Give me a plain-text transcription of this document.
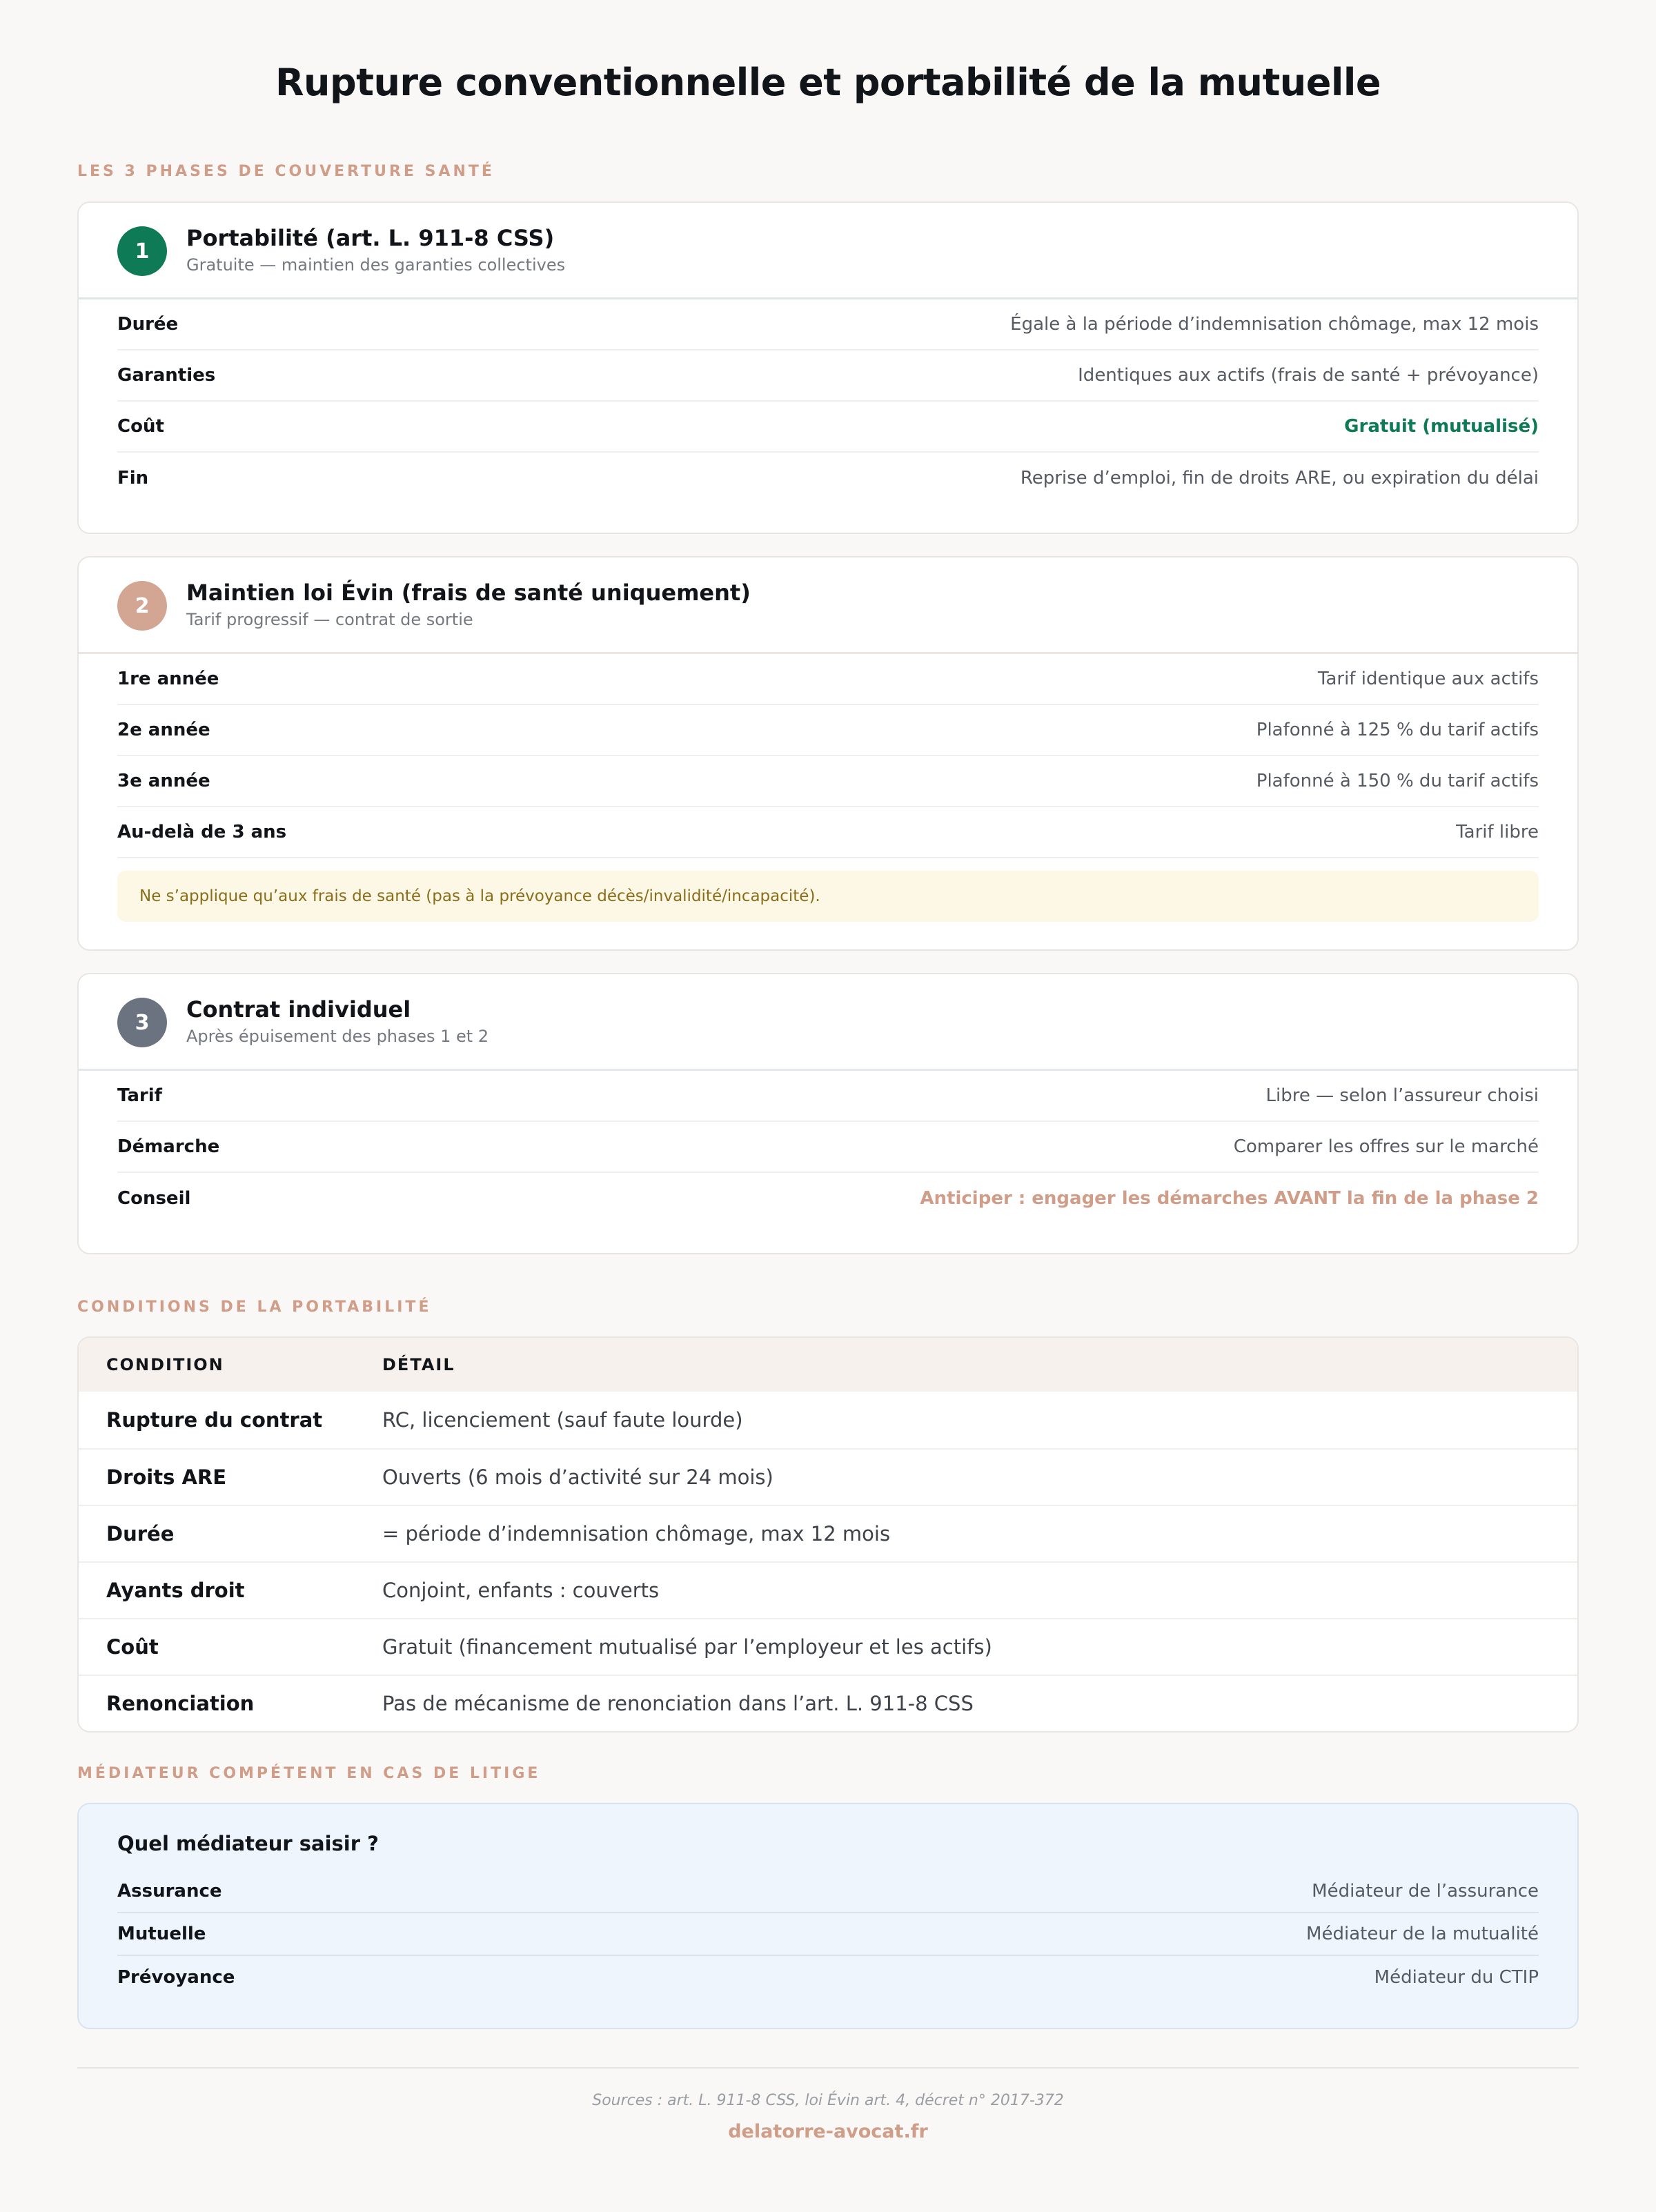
Rupture conventionnelle et portabilité de la mutuelle
LES 3 PHASES DE COUVERTURE SANTÉ
1	Portabilité (art. L. 911-8 CSS)
Gratuite — maintien des garanties collectives
Durée	Égale à la période d’indemnisation chômage, max 12 mois
Garanties	Identiques aux actifs (frais de santé + prévoyance)
Coût	Gratuit (mutualisé)
Fin	Reprise d’emploi, fin de droits ARE, ou expiration du délai
2	Maintien loi Évin (frais de santé uniquement)
Tarif progressif — contrat de sortie
1re année	Tarif identique aux actifs
2e année	Plafonné à 125 % du tarif actifs
3e année	Plafonné à 150 % du tarif actifs
Au-delà de 3 ans	Tarif libre
Ne s’applique qu’aux frais de santé (pas à la prévoyance décès/invalidité/incapacité).
3	Contrat individuel
Après épuisement des phases 1 et 2
Tarif	Libre — selon l’assureur choisi
Démarche	Comparer les offres sur le marché
Conseil	Anticiper : engager les démarches AVANT la fin de la phase 2
CONDITIONS DE LA PORTABILITÉ
CONDITION	DÉTAIL
Rupture du contrat	RC, licenciement (sauf faute lourde)
Droits ARE	Ouverts (6 mois d’activité sur 24 mois)
Durée	= période d’indemnisation chômage, max 12 mois
Ayants droit	Conjoint, enfants : couverts
Coût	Gratuit (financement mutualisé par l’employeur et les actifs)
Renonciation	Pas de mécanisme de renonciation dans l’art. L. 911-8 CSS
MÉDIATEUR COMPÉTENT EN CAS DE LITIGE
Quel médiateur saisir ?
Assurance	Médiateur de l’assurance
Mutuelle	Médiateur de la mutualité
Prévoyance	Médiateur du CTIP
Sources : art. L. 911-8 CSS, loi Évin art. 4, décret n° 2017-372
delatorre-avocat.fr
